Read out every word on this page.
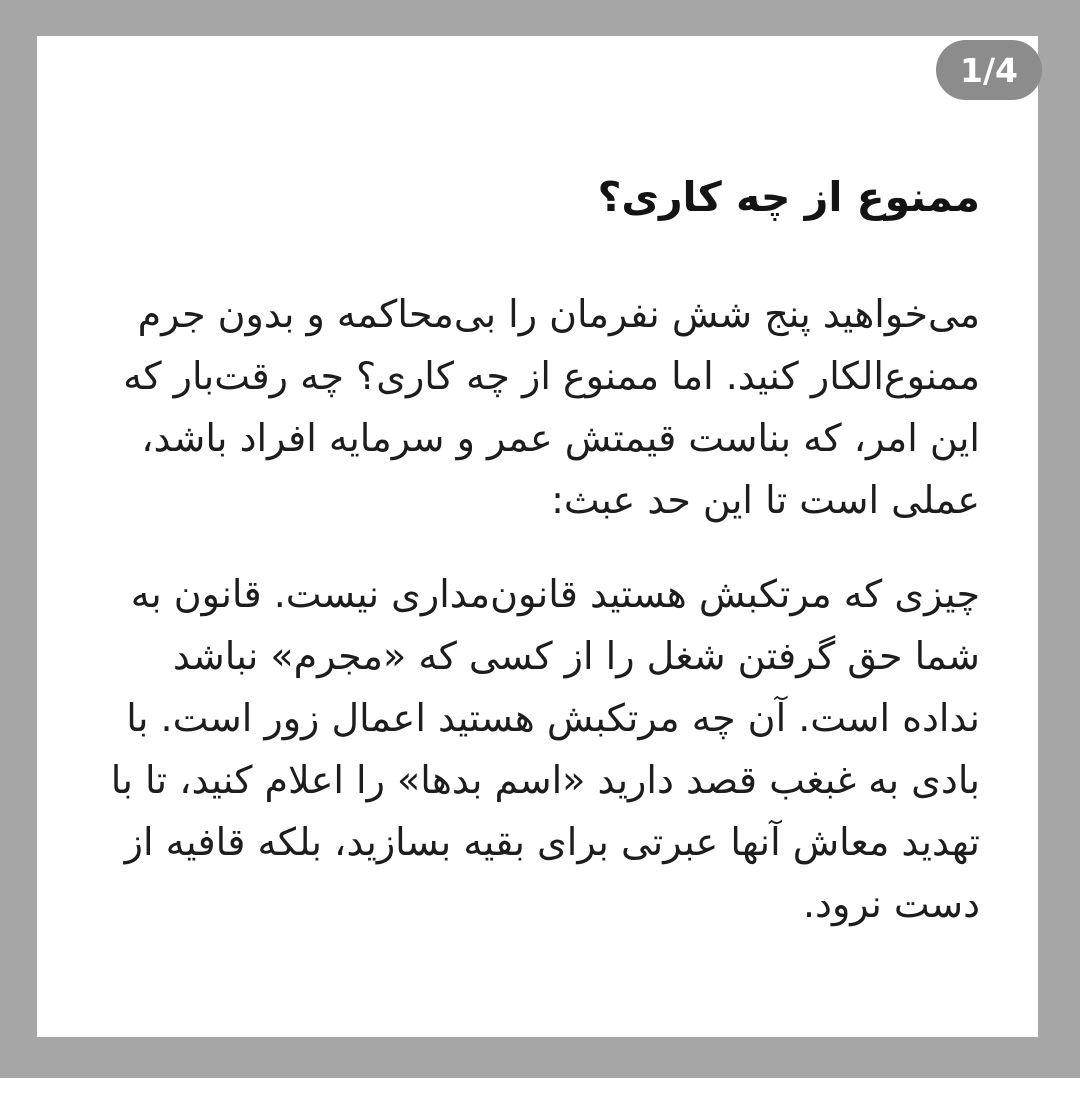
ممنوع از چه کاری؟

می‌خواهید پنج شش نفرمان را بی‌محاکمه و بدون جرم ممنوع‌الکار کنید. اما ممنوع از چه کاری؟ چه رقت‌بار که این امر، که بناست قیمتش عمر و سرمایه افراد باشد، عملی است تا این حد عبث:

چیزی که مرتکبش هستید قانون‌مداری نیست. قانون به شما حق گرفتن شغل را از کسی که «مجرم» نباشد نداده است. آن چه مرتکبش هستید اعمال زور است. با بادی به غبغب قصد دارید «اسم بدها» را اعلام کنید، تا با تهدید معاش آنها عبرتی برای بقیه بسازید، بلکه قافیه از دست نرود.

1/4
